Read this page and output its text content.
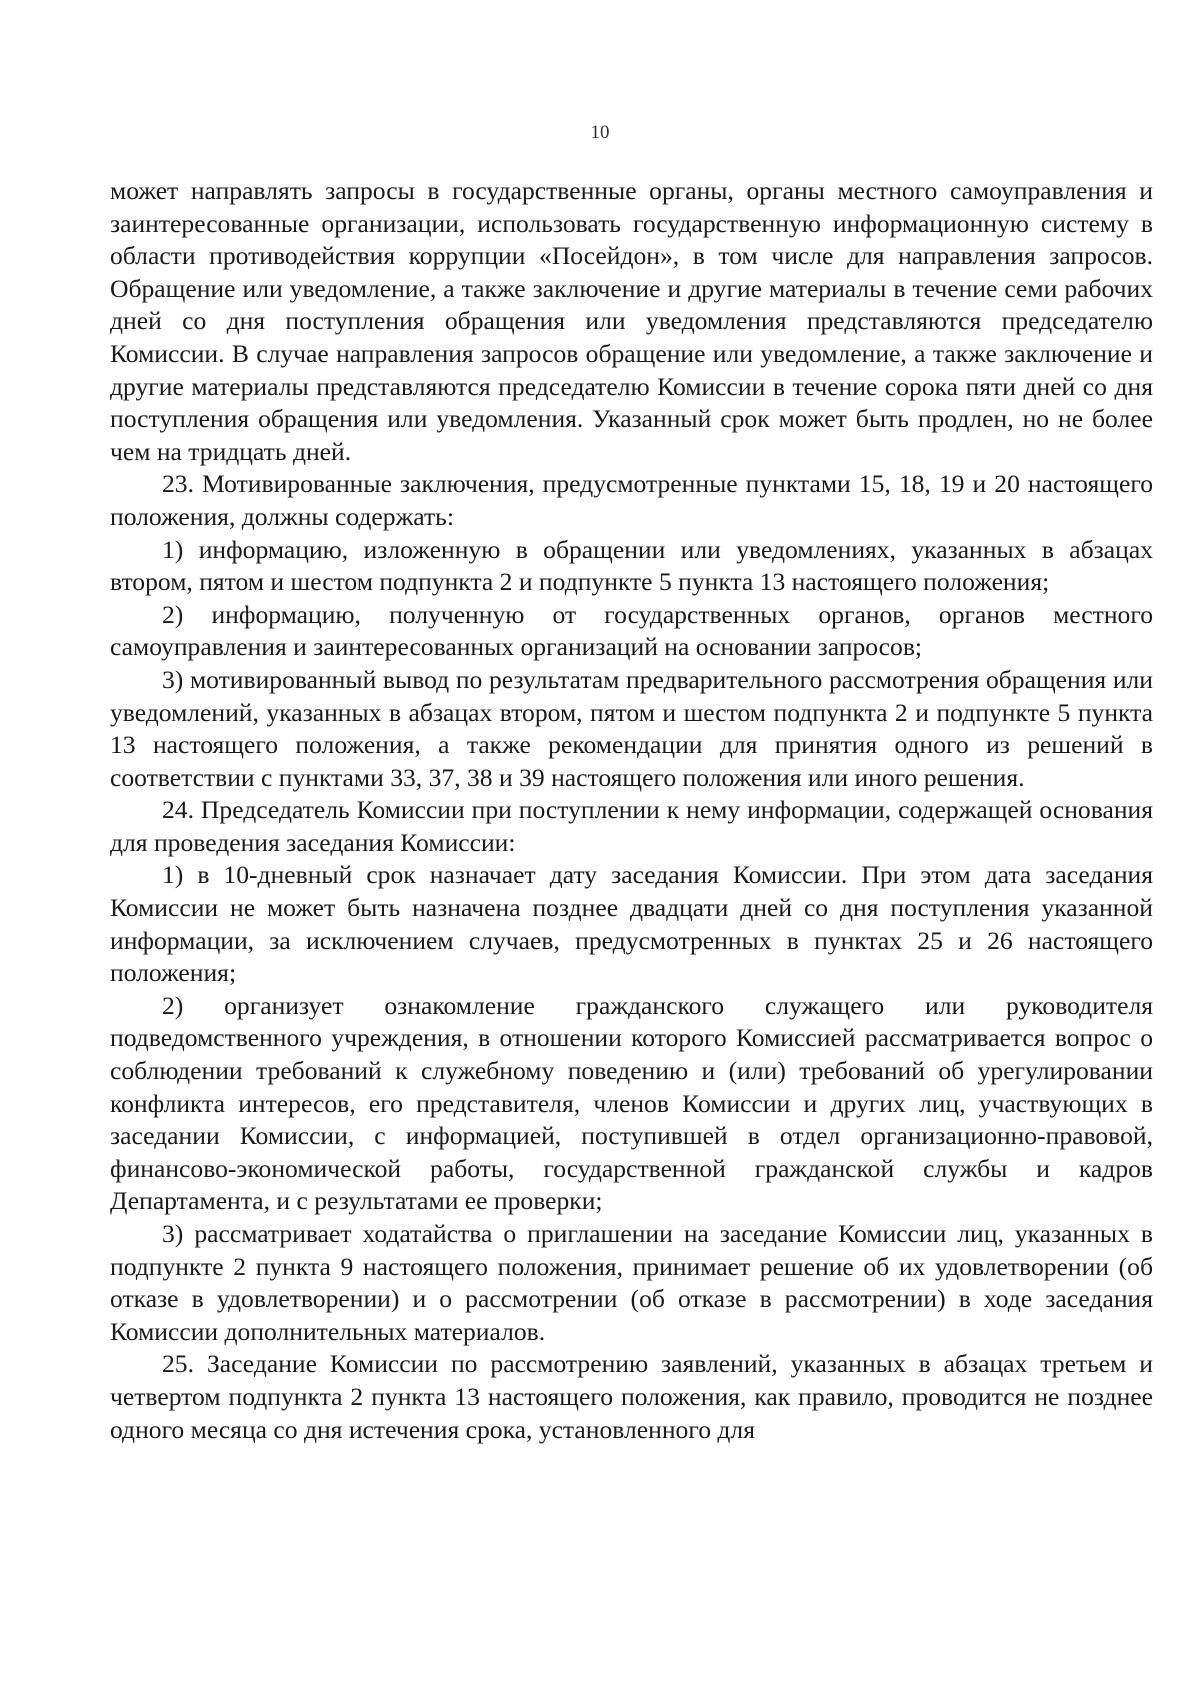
10

может направлять запросы в государственные органы, органы местного самоуправления и заинтересованные организации, использовать государственную информационную систему в области противодействия коррупции «Посейдон», в том числе для направления запросов. Обращение или уведомление, а также заключение и другие материалы в течение семи рабочих дней со дня поступления обращения или уведомления представляются председателю Комиссии. В случае направления запросов обращение или уведомление, а также заключение и другие материалы представляются председателю Комиссии в течение сорока пяти дней со дня поступления обращения или уведомления. Указанный срок может быть продлен, но не более чем на тридцать дней.

23. Мотивированные заключения, предусмотренные пунктами 15, 18, 19 и 20 настоящего положения, должны содержать:

1) информацию, изложенную в обращении или уведомлениях, указанных в абзацах втором, пятом и шестом подпункта 2 и подпункте 5 пункта 13 настоящего положения;

2) информацию, полученную от государственных органов, органов местного самоуправления и заинтересованных организаций на основании запросов;

3) мотивированный вывод по результатам предварительного рассмотрения обращения или уведомлений, указанных в абзацах втором, пятом и шестом подпункта 2 и подпункте 5 пункта 13 настоящего положения, а также рекомендации для принятия одного из решений в соответствии с пунктами 33, 37, 38 и 39 настоящего положения или иного решения.

24. Председатель Комиссии при поступлении к нему информации, содержащей основания для проведения заседания Комиссии:

1) в 10-дневный срок назначает дату заседания Комиссии. При этом дата заседания Комиссии не может быть назначена позднее двадцати дней со дня поступления указанной информации, за исключением случаев, предусмотренных в пунктах 25 и 26 настоящего положения;

2) организует ознакомление гражданского служащего или руководителя подведомственного учреждения, в отношении которого Комиссией рассматривается вопрос о соблюдении требований к служебному поведению и (или) требований об урегулировании конфликта интересов, его представителя, членов Комиссии и других лиц, участвующих в заседании Комиссии, с информацией, поступившей в отдел организационно-правовой, финансово-экономической работы, государственной гражданской службы и кадров Департамента, и с результатами ее проверки;

3) рассматривает ходатайства о приглашении на заседание Комиссии лиц, указанных в подпункте 2 пункта 9 настоящего положения, принимает решение об их удовлетворении (об отказе в удовлетворении) и о рассмотрении (об отказе в рассмотрении) в ходе заседания Комиссии дополнительных материалов.

25. Заседание Комиссии по рассмотрению заявлений, указанных в абзацах третьем и четвертом подпункта 2 пункта 13 настоящего положения, как правило, проводится не позднее одного месяца со дня истечения срока, установленного для
